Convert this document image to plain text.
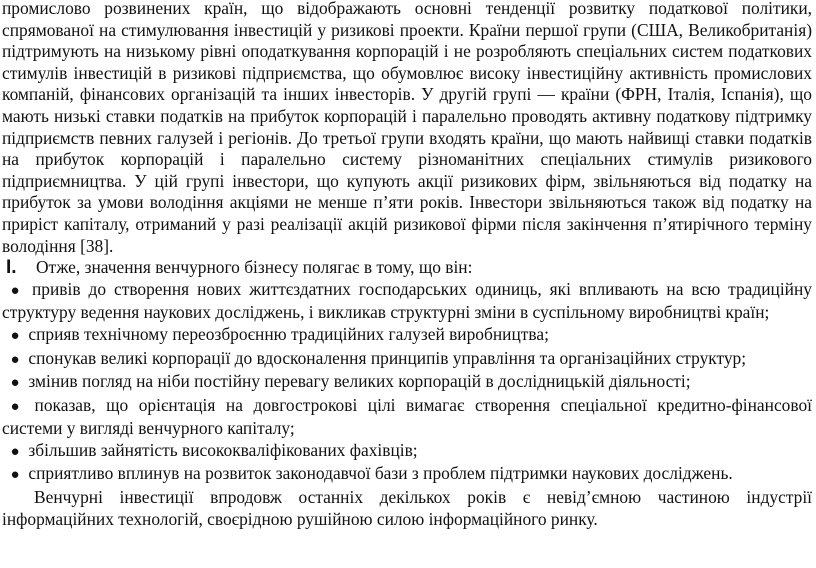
промислово розвинених країн, що відображають основні тенденції розвитку податкової політики, спрямованої на стимулювання інвестицій у ризикові проекти. Країни першої групи (США, Великобританія) підтримують на низькому рівні оподаткування корпорацій і не розробляють спеціальних систем податкових стимулів інвестицій в ризикові підприємства, що обумовлює високу інвестиційну активність промислових компаній, фінансових організацій та інших інвесторів. У другій групі — країни (ФРН, Італія, Іспанія), що мають низькі ставки податків на прибуток корпорацій і паралельно проводять активну податкову підтримку підприємств певних галузей і регіонів. До третьої групи входять країни, що мають найвищі ставки податків на прибуток корпорацій і паралельно систему різноманітних спеціальних стимулів ризикового підприємництва. У цій групі інвестори, що купують акції ризикових фірм, звільняються від податку на прибуток за умови володіння акціями не менше п’яти років. Інвестори звільняються також від податку на приріст капіталу, отриманий у разі реалізації акцій ризикової фірми після закінчення п’ятирічного терміну володіння [38].

I.	Отже, значення венчурного бізнесу полягає в тому, що він:

● привів до створення нових життєздатних господарських одиниць, які впливають на всю традиційну структуру ведення наукових досліджень, і викликав структурні зміни в суспільному виробництві країн;

● сприяв технічному переозброєнню традиційних галузей виробництва;

● спонукав великі корпорації до вдосконалення принципів управління та організаційних структур;

● змінив погляд на ніби постійну перевагу великих корпорацій в дослідницькій діяльності;

● показав, що орієнтація на довгострокові цілі вимагає створення спеціальної кредитно-фінансової системи у вигляді венчурного капіталу;

● збільшив зайнятість висококваліфікованих фахівців;

● сприятливо вплинув на розвиток законодавчої бази з проблем підтримки наукових досліджень.

Венчурні інвестиції впродовж останніх декількох років є невід’ємною частиною індустрії інформаційних технологій, своєрідною рушійною силою інформаційного ринку.
